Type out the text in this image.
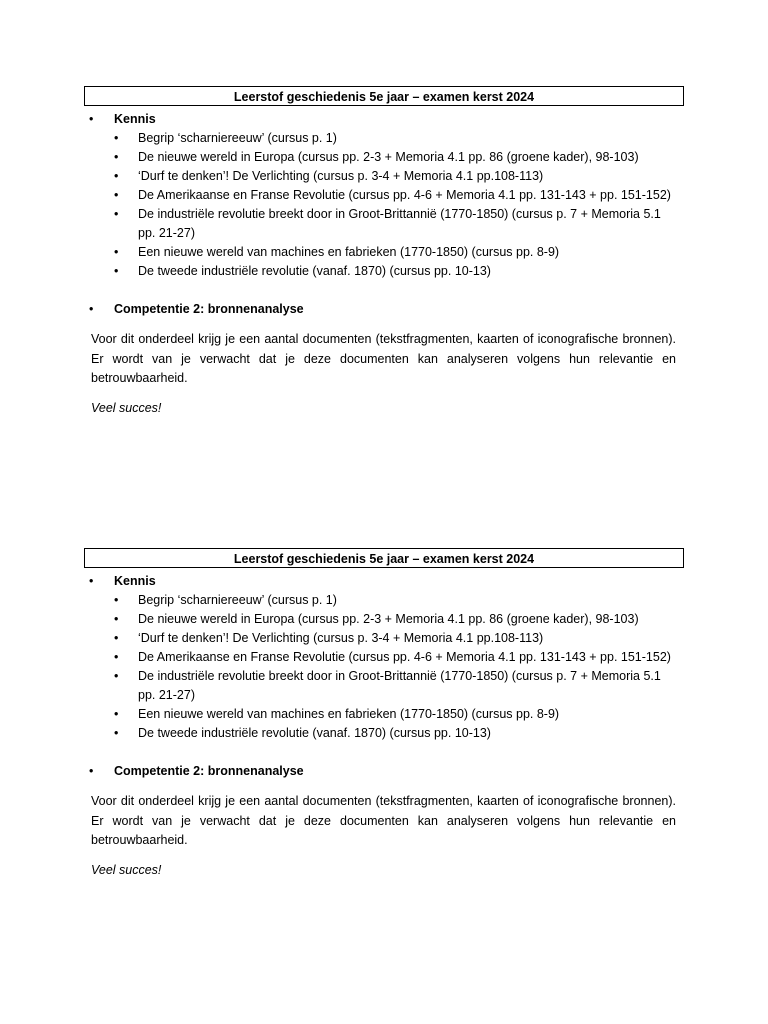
Leerstof geschiedenis 5e jaar – examen kerst 2024
• Kennis
• Begrip ‘scharniereeuw’ (cursus p. 1)
• De nieuwe wereld in Europa (cursus pp. 2-3 + Memoria 4.1 pp. 86 (groene kader), 98-103)
• ‘Durf te denken’! De Verlichting (cursus p. 3-4 + Memoria 4.1 pp.108-113)
• De Amerikaanse en Franse Revolutie (cursus pp. 4-6 + Memoria 4.1 pp. 131-143 + pp. 151-152)
• De industriële revolutie breekt door in Groot-Brittannië (1770-1850) (cursus p. 7 + Memoria 5.1 pp. 21-27)
• Een nieuwe wereld van machines en fabrieken (1770-1850) (cursus pp. 8-9)
• De tweede industriële revolutie (vanaf. 1870) (cursus pp. 10-13)
• Competentie 2: bronnenanalyse

Voor dit onderdeel krijg je een aantal documenten (tekstfragmenten, kaarten of iconografische bronnen). Er wordt van je verwacht dat je deze documenten kan analyseren volgens hun relevantie en betrouwbaarheid.

Veel succes!

Leerstof geschiedenis 5e jaar – examen kerst 2024
• Kennis
• Begrip ‘scharniereeuw’ (cursus p. 1)
• De nieuwe wereld in Europa (cursus pp. 2-3 + Memoria 4.1 pp. 86 (groene kader), 98-103)
• ‘Durf te denken’! De Verlichting (cursus p. 3-4 + Memoria 4.1 pp.108-113)
• De Amerikaanse en Franse Revolutie (cursus pp. 4-6 + Memoria 4.1 pp. 131-143 + pp. 151-152)
• De industriële revolutie breekt door in Groot-Brittannië (1770-1850) (cursus p. 7 + Memoria 5.1 pp. 21-27)
• Een nieuwe wereld van machines en fabrieken (1770-1850) (cursus pp. 8-9)
• De tweede industriële revolutie (vanaf. 1870) (cursus pp. 10-13)
• Competentie 2: bronnenanalyse

Voor dit onderdeel krijg je een aantal documenten (tekstfragmenten, kaarten of iconografische bronnen). Er wordt van je verwacht dat je deze documenten kan analyseren volgens hun relevantie en betrouwbaarheid.

Veel succes!
